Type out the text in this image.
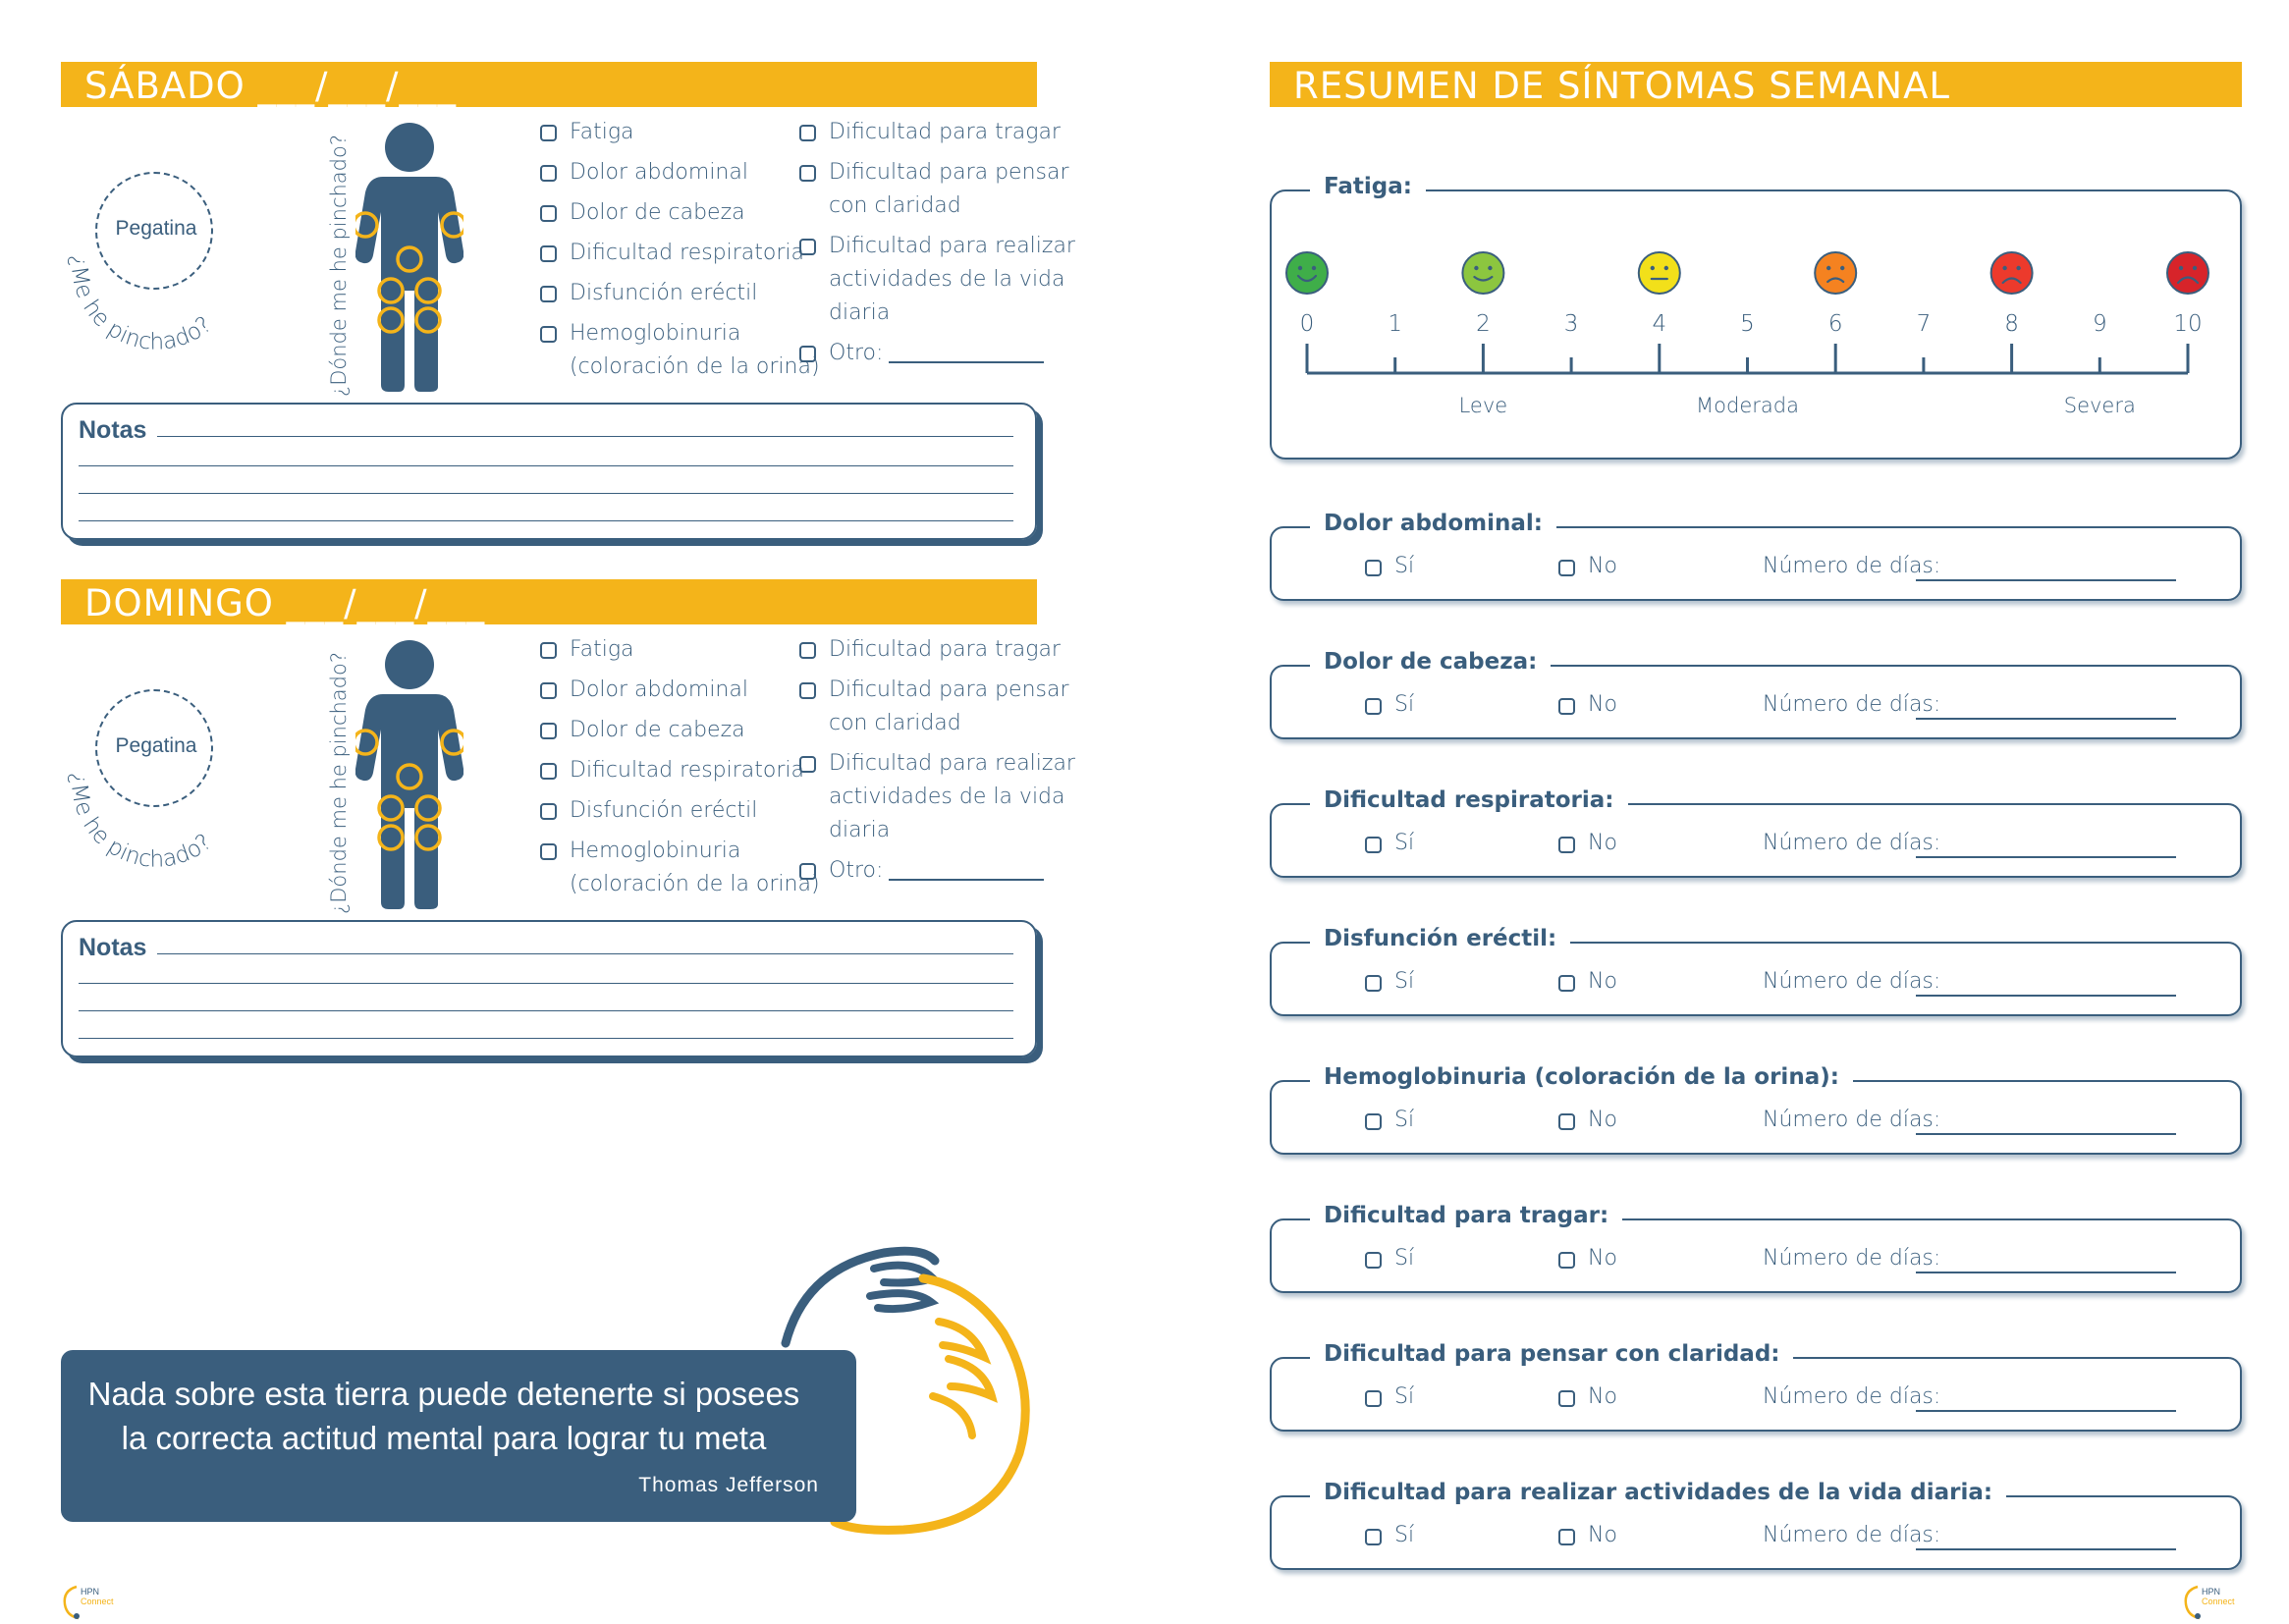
SÁBADO ___/___/___
Pegatina
¿Me he pinchado?	¿Dónde me he pinchado?
Fatiga
Dolor abdominal
Dolor de cabeza
Dificultad respiratoria
Disfunción eréctil
Hemoglobinuria
(coloración de la orina)
Dificultad para tragar
Dificultad para pensar
con claridad
Dificultad para realizar
actividades de la vida
diaria
Otro:
Notas
DOMINGO ___/___/___
Pegatina
¿Me he pinchado?	¿Dónde me he pinchado?
Fatiga
Dolor abdominal
Dolor de cabeza
Dificultad respiratoria
Disfunción eréctil
Hemoglobinuria
(coloración de la orina)
Dificultad para tragar
Dificultad para pensar
con claridad
Dificultad para realizar
actividades de la vida
diaria
Otro:
Notas
Nada sobre esta tierra puede detenerte si posees
la correcta actitud mental para lograr tu meta
Thomas Jefferson
HPN
Connect
RESUMEN DE SÍNTOMAS SEMANAL
Fatiga:
0	1	2	3	4	5	6	7	8	9	10
Leve	Moderada	Severa
Sí	No	Número de días:
Dolor abdominal:
Sí	No	Número de días:
Dolor de cabeza:
Sí	No	Número de días:
Dificultad respiratoria:
Sí	No	Número de días:
Disfunción eréctil:
Sí	No	Número de días:
Hemoglobinuria (coloración de la orina):
Sí	No	Número de días:
Dificultad para tragar:
Sí	No	Número de días:
Dificultad para pensar con claridad:
Sí	No	Número de días:
Dificultad para realizar actividades de la vida diaria:
HPN
Connect
